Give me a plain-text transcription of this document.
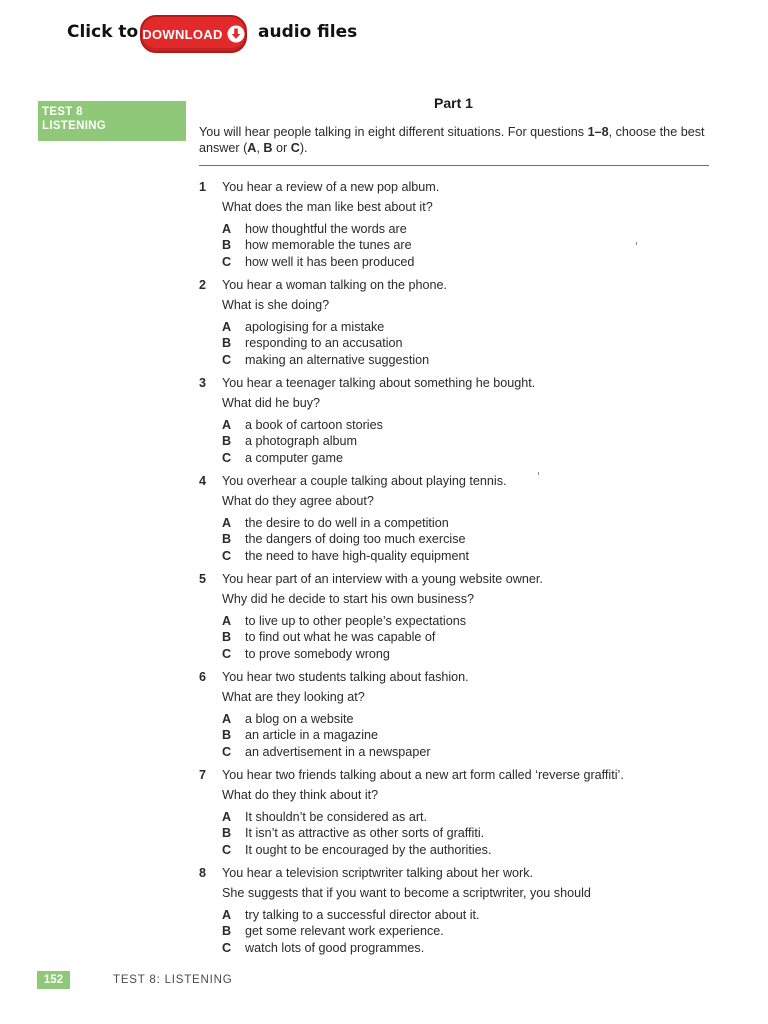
Click to DOWNLOAD audio files
TEST 8
LISTENING
Part 1
You will hear people talking in eight different situations. For questions 1–8, choose the best answer (A, B or C).
1 You hear a review of a new pop album.
What does the man like best about it?
A how thoughtful the words are
B how memorable the tunes are
C how well it has been produced
2 You hear a woman talking on the phone.
What is she doing?
A apologising for a mistake
B responding to an accusation
C making an alternative suggestion
3 You hear a teenager talking about something he bought.
What did he buy?
A a book of cartoon stories
B a photograph album
C a computer game
4 You overhear a couple talking about playing tennis.
What do they agree about?
A the desire to do well in a competition
B the dangers of doing too much exercise
C the need to have high-quality equipment
5 You hear part of an interview with a young website owner.
Why did he decide to start his own business?
A to live up to other people’s expectations
B to find out what he was capable of
C to prove somebody wrong
6 You hear two students talking about fashion.
What are they looking at?
A a blog on a website
B an article in a magazine
C an advertisement in a newspaper
7 You hear two friends talking about a new art form called ‘reverse graffiti’.
What do they think about it?
A It shouldn’t be considered as art.
B It isn’t as attractive as other sorts of graffiti.
C It ought to be encouraged by the authorities.
8 You hear a television scriptwriter talking about her work.
She suggests that if you want to become a scriptwriter, you should
A try talking to a successful director about it.
B get some relevant work experience.
C watch lots of good programmes.
152	TEST 8: LISTENING
